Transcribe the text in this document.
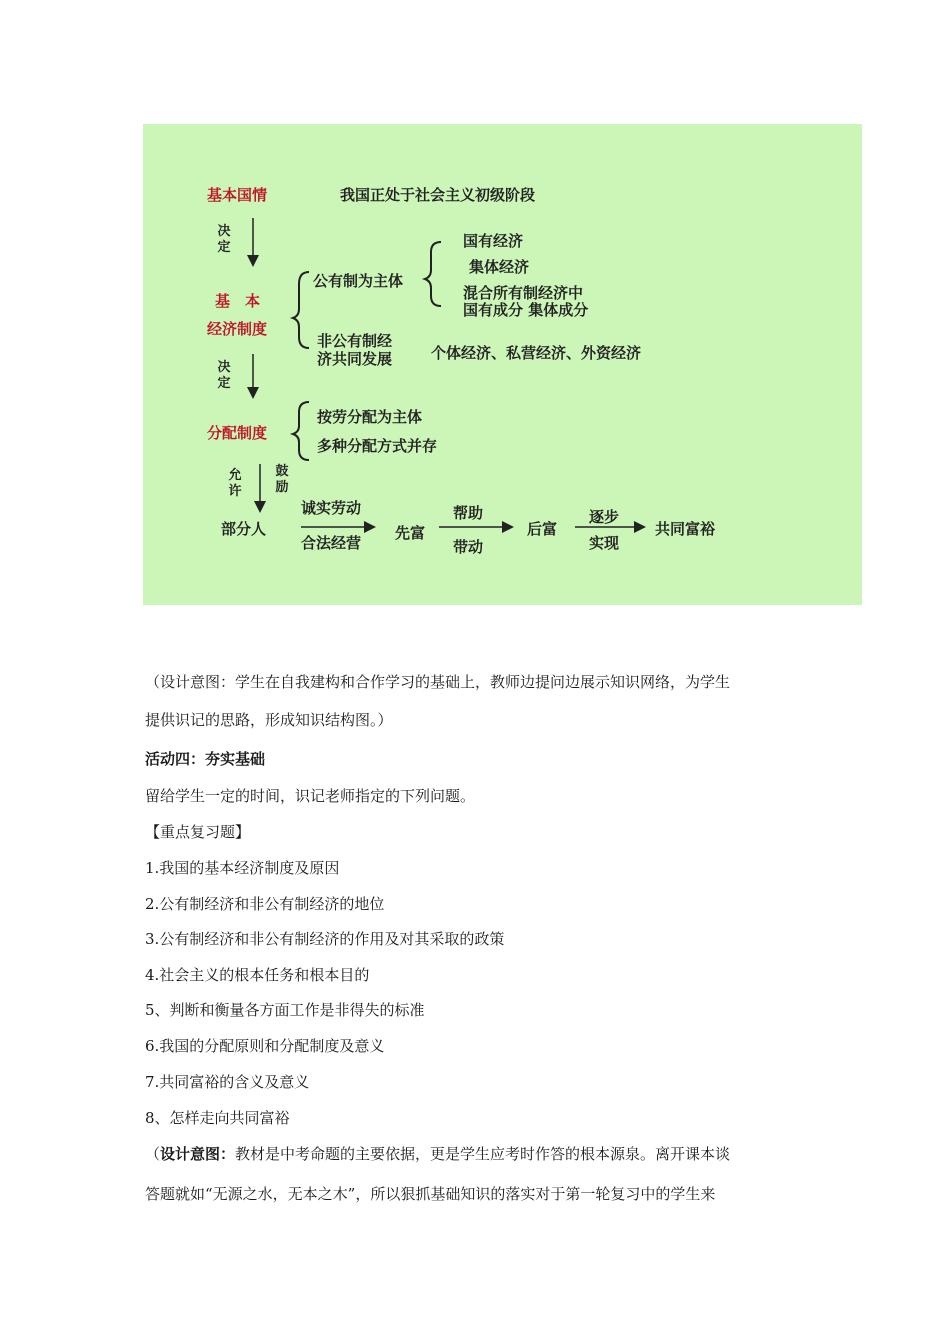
基本国情	我国正处于社会主义初级阶段
决定
基　本
经济制度
公有制为主体
国有经济
集体经济
混合所有制经济中
国有成分 集体成分
非公有制经
济共同发展	个体经济、私营经济、外资经济
决定
分配制度
按劳分配为主体
多种分配方式并存
允许
鼓励
部分人
诚实劳动
合法经营
先富
帮助
带动
后富
逐步
实现
共同富裕
（设计意图：学生在自我建构和合作学习的基础上，教师边提问边展示知识网络，为学生
提供识记的思路，形成知识结构图。）
活动四：夯实基础
留给学生一定的时间，识记老师指定的下列问题。
【重点复习题】
1.我国的基本经济制度及原因
2.公有制经济和非公有制经济的地位
3.公有制经济和非公有制经济的作用及对其采取的政策
4.社会主义的根本任务和根本目的
5、判断和衡量各方面工作是非得失的标准
6.我国的分配原则和分配制度及意义
7.共同富裕的含义及意义
8、怎样走向共同富裕
（设计意图：教材是中考命题的主要依据，更是学生应考时作答的根本源泉。离开课本谈
答题就如“无源之水，无本之木”，所以狠抓基础知识的落实对于第一轮复习中的学生来
